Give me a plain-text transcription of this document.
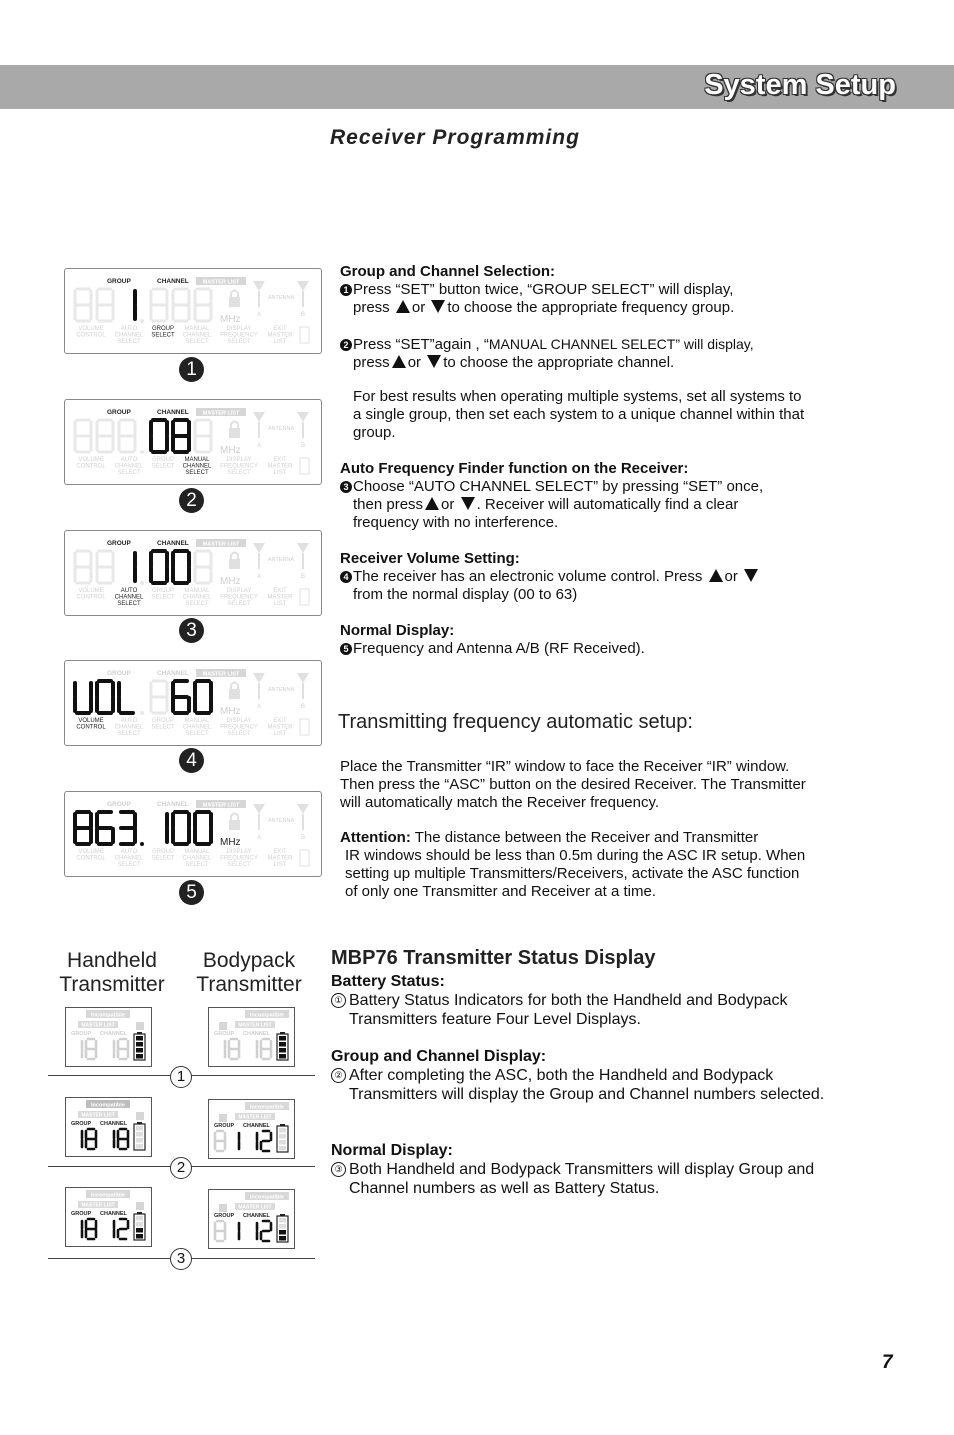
System Setup
Receiver Programming
GROUP	CHANNEL	MASTER LIST
ANTENNA
A	B
MHz
VOLUME
CONTROL
AUTO
CHANNEL
SELECT
GROUP
SELECT
MANUAL
CHANNEL
SELECT
DISPLAY
FREQUENCY
SELECT
EXIT
MASTER
LIST
1
GROUP	CHANNEL	MASTER LIST
ANTENNA
A	B
MHz
VOLUME
CONTROL
AUTO
CHANNEL
SELECT
GROUP
SELECT
MANUAL
CHANNEL
SELECT
DISPLAY
FREQUENCY
SELECT
EXIT
MASTER
LIST
2
GROUP	CHANNEL	MASTER LIST
ANTENNA
A	B
MHz
VOLUME
CONTROL
AUTO
CHANNEL
SELECT
GROUP
SELECT
MANUAL
CHANNEL
SELECT
DISPLAY
FREQUENCY
SELECT
EXIT
MASTER
LIST
3
GROUP	CHANNEL	MASTER LIST
ANTENNA
A	B
MHz
VOLUME
CONTROL
AUTO
CHANNEL
SELECT
GROUP
SELECT
MANUAL
CHANNEL
SELECT
DISPLAY
FREQUENCY
SELECT
EXIT
MASTER
LIST
4
GROUP	CHANNEL	MASTER LIST
ANTENNA
A	B
MHz
VOLUME
CONTROL
AUTO
CHANNEL
SELECT
GROUP
SELECT
MANUAL
CHANNEL
SELECT
DISPLAY
FREQUENCY
SELECT
EXIT
MASTER
LIST
5
Group and Channel Selection:
1 Press “SET” button twice, “GROUP SELECT” will display,
press or to choose the appropriate frequency group.
2 Press “SET”again , “MANUAL CHANNEL SELECT” will display,
press or to choose the appropriate channel.
For best results when operating multiple systems, set all systems to
a single group, then set each system to a unique channel within that
group.
Auto Frequency Finder function on the Receiver:
3 Choose “AUTO CHANNEL SELECT” by pressing “SET” once,
then press or . Receiver will automatically find a clear
frequency with no interference.
Receiver Volume Setting:
4 The receiver has an electronic volume control. Press or
from the normal display (00 to 63)
Normal Display:
5 Frequency and Antenna A/B (RF Received).
Transmitting frequency automatic setup:
Place the Transmitter “IR” window to face the Receiver “IR” window.
Then press the “ASC” button on the desired Receiver. The Transmitter
will automatically match the Receiver frequency.
Attention: The distance between the Receiver and Transmitter
IR windows should be less than 0.5m during the ASC IR setup. When
setting up multiple Transmitters/Receivers, activate the ASC function
of only one Transmitter and Receiver at a time.
Handheld
Transmitter
Bodypack
Transmitter
Incompatible
MASTER LIST
GROUP CHANNEL
Incompatible
MASTER LIST
GROUP CHANNEL
1
Incompatible
MASTER LIST
GROUP CHANNEL
Incompatible
MASTER LIST
GROUP CHANNEL
2
Incompatible
MASTER LIST
GROUP CHANNEL
Incompatible
MASTER LIST
GROUP CHANNEL
3
MBP76 Transmitter Status Display
Battery Status:
① Battery Status Indicators for both the Handheld and Bodypack
Transmitters feature Four Level Displays.
Group and Channel Display:
② After completing the ASC, both the Handheld and Bodypack
Transmitters will display the Group and Channel numbers selected.
Normal Display:
③ Both Handheld and Bodypack Transmitters will display Group and
Channel numbers as well as Battery Status.
7
